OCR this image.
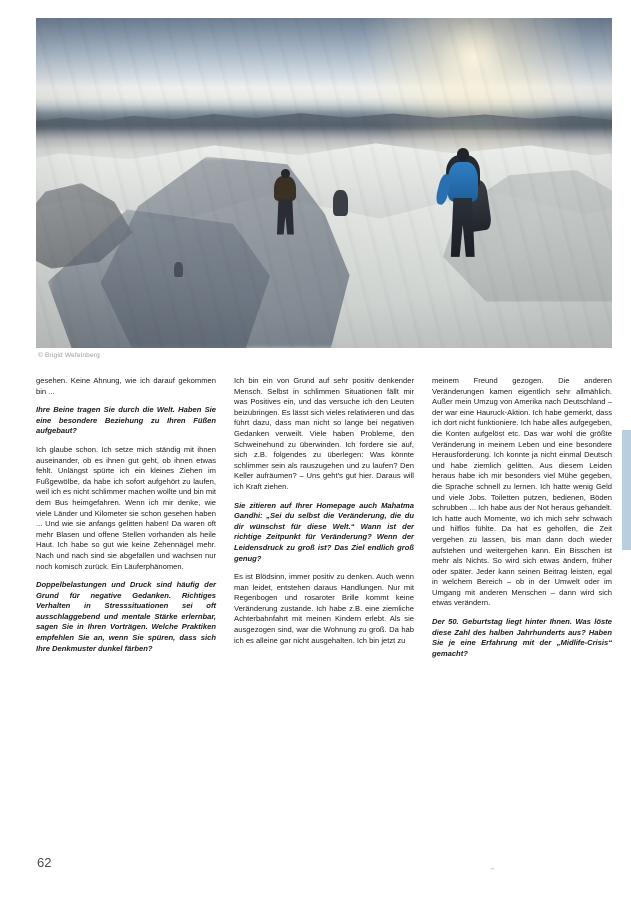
© Brigid Wefelnberg

gesehen. Keine Ahnung, wie ich darauf gekommen bin ...

Ihre Beine tragen Sie durch die Welt. Haben Sie eine besondere Beziehung zu Ihren Füßen aufgebaut?

Ich glaube schon. Ich setze mich ständig mit ihnen auseinander, ob es ihnen gut geht, ob ihnen etwas fehlt. Unlängst spürte ich ein kleines Ziehen im Fußgewölbe, da habe ich sofort aufgehört zu laufen, weil ich es nicht schlimmer machen wollte und bin mit dem Bus heimgefahren. Wenn ich mir denke, wie viele Länder und Kilometer sie schon gesehen haben ... Und wie sie anfangs gelitten haben! Da waren oft mehr Blasen und offene Stellen vorhanden als heile Haut. Ich habe so gut wie keine Zehennägel mehr. Nach und nach sind sie abgefallen und wachsen nur noch komisch zurück. Ein Läuferphänomen.

Doppelbelastungen und Druck sind häufig der Grund für negative Gedanken. Richtiges Verhalten in Stresssituationen sei oft ausschlaggebend und mentale Stärke erlernbar, sagen Sie in Ihren Vorträgen. Welche Praktiken empfehlen Sie an, wenn Sie spüren, dass sich Ihre Denkmuster dunkel färben?

Ich bin ein von Grund auf sehr positiv denkender Mensch. Selbst in schlimmen Situationen fällt mir was Positives ein, und das versuche ich den Leuten beizubringen. Es lässt sich vieles relativieren und das führt dazu, dass man nicht so lange bei negativen Gedanken verweilt. Viele haben Probleme, den Schweinehund zu überwinden. Ich fordere sie auf, sich z.B. folgendes zu überlegen: Was könnte schlimmer sein als rauszugehen und zu laufen? Den Keller aufräumen? – Uns geht's gut hier. Daraus will ich Kraft ziehen.

Sie zitieren auf Ihrer Homepage auch Mahatma Gandhi: „Sei du selbst die Veränderung, die du dir wünschst für diese Welt.“ Wann ist der richtige Zeitpunkt für Veränderung? Wenn der Leidensdruck zu groß ist? Das Ziel endlich groß genug?

Es ist Blödsinn, immer positiv zu denken. Auch wenn man leidet, entstehen daraus Handlungen. Nur mit Regenbogen und rosaroter Brille kommt keine Veränderung zustande. Ich habe z.B. eine ziemliche Achterbahnfahrt mit meinen Kindern erlebt. Als sie ausgezogen sind, war die Wohnung zu groß. Da hab ich es alleine gar nicht ausgehalten. Ich bin jetzt zu

meinem Freund gezogen. Die anderen Veränderungen kamen eigentlich sehr allmählich. Außer mein Umzug von Amerika nach Deutschland – der war eine Hauruck-Aktion. Ich habe gemerkt, dass ich dort nicht funktioniere. Ich habe alles aufgegeben, die Konten aufgelöst etc. Das war wohl die größte Veränderung in meinem Leben und eine besondere Herausforderung. Ich konnte ja nicht einmal Deutsch und habe ziemlich gelitten. Aus diesem Leiden heraus habe ich mir besonders viel Mühe gegeben, die Sprache schnell zu lernen. Ich hatte wenig Geld und viele Jobs. Toiletten putzen, bedienen, Böden schrubben ... Ich habe aus der Not heraus gehandelt. Ich hatte auch Momente, wo ich mich sehr schwach und hilflos fühlte. Da hat es geholfen, die Zeit vergehen zu lassen, bis man dann doch wieder aufstehen und weitergehen kann. Ein Bisschen ist mehr als Nichts. So wird sich etwas ändern, früher oder später. Jeder kann seinen Beitrag leisten, egal in welchem Bereich – ob in der Umwelt oder im Umgang mit anderen Menschen – dann wird sich etwas verändern.

Der 50. Geburtstag liegt hinter Ihnen. Was löste diese Zahl des halben Jahrhunderts aus? Haben Sie je eine Erfahrung mit der „Midlife-Crisis“ gemacht?

62	⌁
